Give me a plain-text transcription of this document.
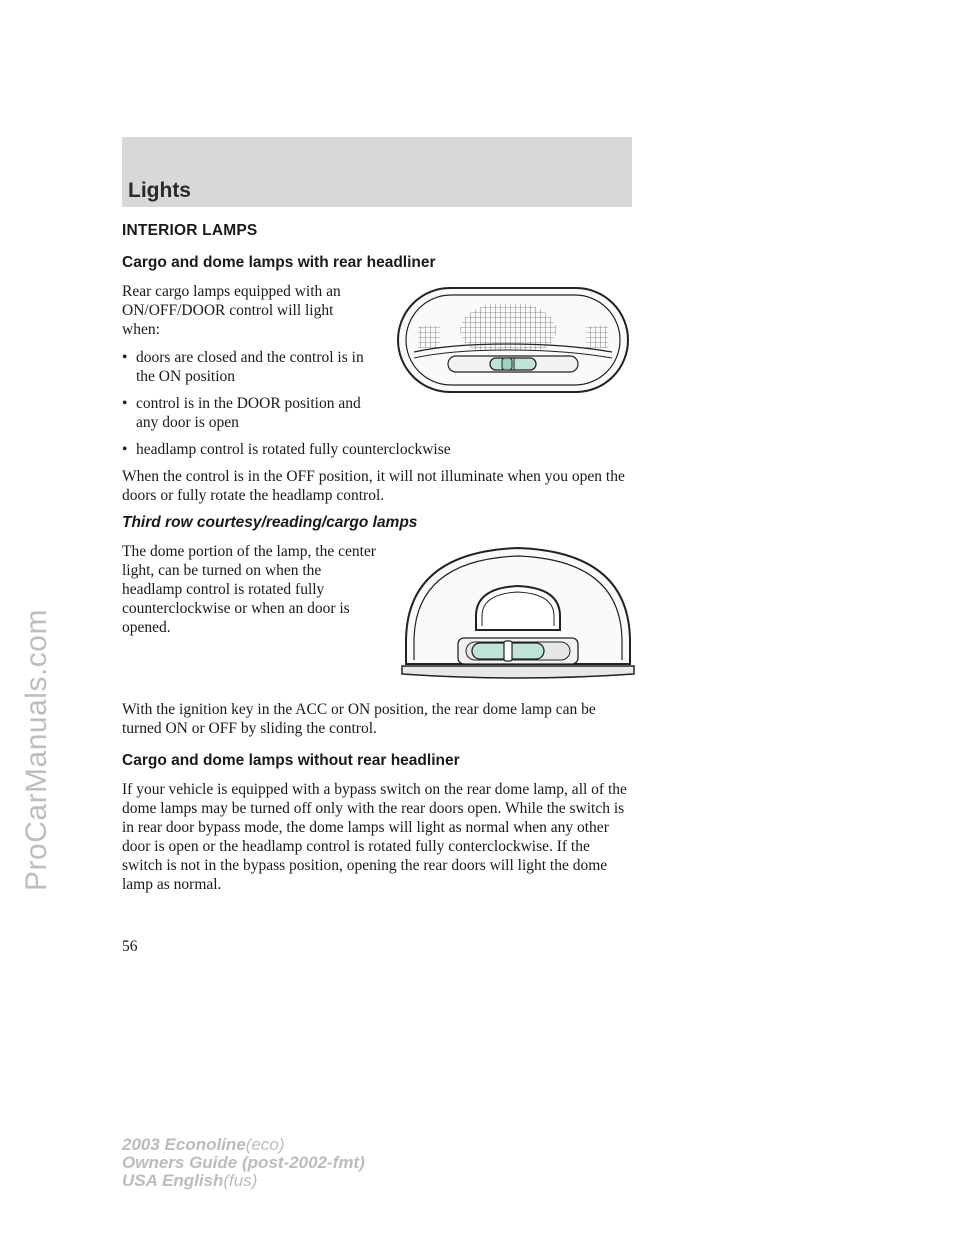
ProCarManuals.com
Lights
INTERIOR LAMPS
Cargo and dome lamps with rear headliner

Rear cargo lamps equipped with an ON/OFF/DOOR control will light when:

• doors are closed and the control is in the ON position
• control is in the DOOR position and any door is open
• headlamp control is rotated fully counterclockwise

When the control is in the OFF position, it will not illuminate when you open the doors or fully rotate the headlamp control.

Third row courtesy/reading/cargo lamps

The dome portion of the lamp, the center light, can be turned on when the headlamp control is rotated fully counterclockwise or when an door is opened.

With the ignition key in the ACC or ON position, the rear dome lamp can be turned ON or OFF by sliding the control.

Cargo and dome lamps without rear headliner

If your vehicle is equipped with a bypass switch on the rear dome lamp, all of the dome lamps may be turned off only with the rear doors open. While the switch is in rear door bypass mode, the dome lamps will light as normal when any other door is open or the headlamp control is rotated fully conterclockwise. If the switch is not in the bypass position, opening the rear doors will light the dome lamp as normal.

56
2003 Econoline(eco)
Owners Guide (post-2002-fmt)
USA English(fus)
